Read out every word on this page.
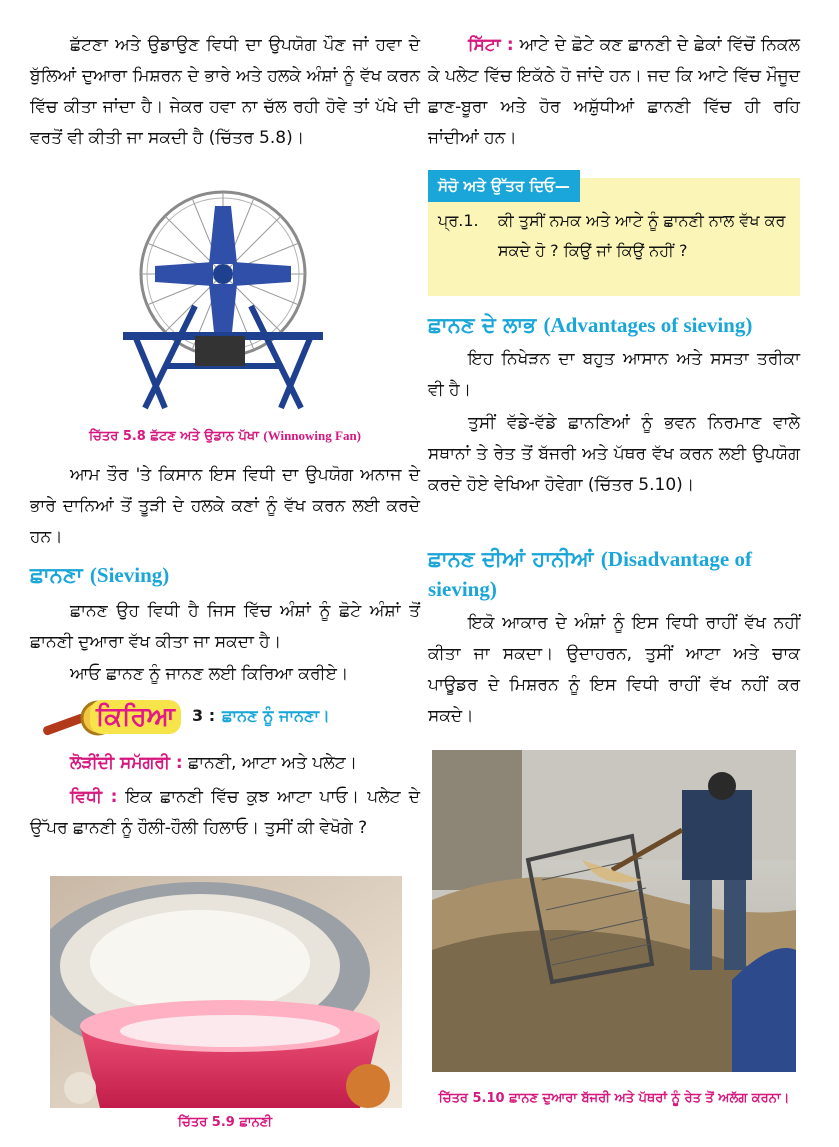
ਛੱਟਣਾ ਅਤੇ ਉਡਾਉਣ ਵਿਧੀ ਦਾ ਉਪਯੋਗ ਪੌਣ ਜਾਂ ਹਵਾ ਦੇ ਬੁੱਲਿਆਂ ਦੁਆਰਾ ਮਿਸ਼ਰਨ ਦੇ ਭਾਰੇ ਅਤੇ ਹਲਕੇ ਅੰਸ਼ਾਂ ਨੂੰ ਵੱਖ ਕਰਨ ਵਿੱਚ ਕੀਤਾ ਜਾਂਦਾ ਹੈ। ਜੇਕਰ ਹਵਾ ਨਾ ਚੱਲ ਰਹੀ ਹੋਵੇ ਤਾਂ ਪੱਖੇ ਦੀ ਵਰਤੋਂ ਵੀ ਕੀਤੀ ਜਾ ਸਕਦੀ ਹੈ (ਚਿੱਤਰ 5.8)।

ਚਿੱਤਰ 5.8 ਛੱਟਣ ਅਤੇ ਉਡਾਨ ਪੱਖਾ (Winnowing Fan)

ਆਮ ਤੌਰ 'ਤੇ ਕਿਸਾਨ ਇਸ ਵਿਧੀ ਦਾ ਉਪਯੋਗ ਅਨਾਜ ਦੇ ਭਾਰੇ ਦਾਨਿਆਂ ਤੋਂ ਤੂੜੀ ਦੇ ਹਲਕੇ ਕਣਾਂ ਨੂੰ ਵੱਖ ਕਰਨ ਲਈ ਕਰਦੇ ਹਨ।

ਛਾਨਣਾ (Sieving)

ਛਾਨਣ ਉਹ ਵਿਧੀ ਹੈ ਜਿਸ ਵਿੱਚ ਅੰਸ਼ਾਂ ਨੂੰ ਛੋਟੇ ਅੰਸ਼ਾਂ ਤੋਂ ਛਾਨਣੀ ਦੁਆਰਾ ਵੱਖ ਕੀਤਾ ਜਾ ਸਕਦਾ ਹੈ।

ਆਓ ਛਾਨਣ ਨੂੰ ਜਾਨਣ ਲਈ ਕਿਰਿਆ ਕਰੀਏ।

ਕਿਰਿਆ	3 : ਛਾਨਣ ਨੂੰ ਜਾਨਣਾ।

ਲੋੜੀਂਦੀ ਸਮੱਗਰੀ : ਛਾਨਣੀ, ਆਟਾ ਅਤੇ ਪਲੇਟ।

ਵਿਧੀ : ਇਕ ਛਾਨਣੀ ਵਿੱਚ ਕੁਝ ਆਟਾ ਪਾਓ। ਪਲੇਟ ਦੇ ਉੱਪਰ ਛਾਨਣੀ ਨੂੰ ਹੌਲੀ-ਹੌਲੀ ਹਿਲਾਓ। ਤੁਸੀਂ ਕੀ ਵੇਖੋਗੇ ?

ਚਿੱਤਰ 5.9 ਛਾਨਣੀ

ਸਿੱਟਾ : ਆਟੇ ਦੇ ਛੋਟੇ ਕਣ ਛਾਨਣੀ ਦੇ ਛੇਕਾਂ ਵਿੱਚੋਂ ਨਿਕਲ ਕੇ ਪਲੇਟ ਵਿੱਚ ਇਕੱਠੇ ਹੋ ਜਾਂਦੇ ਹਨ। ਜਦ ਕਿ ਆਟੇ ਵਿੱਚ ਮੌਜੂਦ ਛਾਣ-ਬੂਰਾ ਅਤੇ ਹੋਰ ਅਸ਼ੁੱਧੀਆਂ ਛਾਨਣੀ ਵਿੱਚ ਹੀ ਰਹਿ ਜਾਂਦੀਆਂ ਹਨ।

ਸੋਚੋ ਅਤੇ ਉੱਤਰ ਦਿਓ—
ਪ੍ਰ.1. ਕੀ ਤੁਸੀਂ ਨਮਕ ਅਤੇ ਆਟੇ ਨੂੰ ਛਾਨਣੀ ਨਾਲ ਵੱਖ ਕਰ ਸਕਦੇ ਹੋ ? ਕਿਉਂ ਜਾਂ ਕਿਉਂ ਨਹੀਂ ?
ਛਾਨਣ ਦੇ ਲਾਭ (Advantages of sieving)

ਇਹ ਨਿਖੇੜਨ ਦਾ ਬਹੁਤ ਆਸਾਨ ਅਤੇ ਸਸਤਾ ਤਰੀਕਾ ਵੀ ਹੈ।

ਤੁਸੀਂ ਵੱਡੇ-ਵੱਡੇ ਛਾਨਣਿਆਂ ਨੂੰ ਭਵਨ ਨਿਰਮਾਣ ਵਾਲੇ ਸਥਾਨਾਂ ਤੇ ਰੇਤ ਤੋਂ ਬੱਜਰੀ ਅਤੇ ਪੱਥਰ ਵੱਖ ਕਰਨ ਲਈ ਉਪਯੋਗ ਕਰਦੇ ਹੋਏ ਵੇਖਿਆ ਹੋਵੇਗਾ (ਚਿੱਤਰ 5.10)।

ਛਾਨਣ ਦੀਆਂ ਹਾਨੀਆਂ (Disadvantage of sieving)

ਇਕੋ ਆਕਾਰ ਦੇ ਅੰਸ਼ਾਂ ਨੂੰ ਇਸ ਵਿਧੀ ਰਾਹੀਂ ਵੱਖ ਨਹੀਂ ਕੀਤਾ ਜਾ ਸਕਦਾ। ਉਦਾਹਰਨ, ਤੁਸੀਂ ਆਟਾ ਅਤੇ ਚਾਕ ਪਾਊਡਰ ਦੇ ਮਿਸ਼ਰਨ ਨੂੰ ਇਸ ਵਿਧੀ ਰਾਹੀਂ ਵੱਖ ਨਹੀਂ ਕਰ ਸਕਦੇ।

ਚਿੱਤਰ 5.10 ਛਾਨਣ ਦੁਆਰਾ ਬੱਜਰੀ ਅਤੇ ਪੱਥਰਾਂ ਨੂੰ ਰੇਤ ਤੋਂ ਅਲੱਗ ਕਰਨਾ।
